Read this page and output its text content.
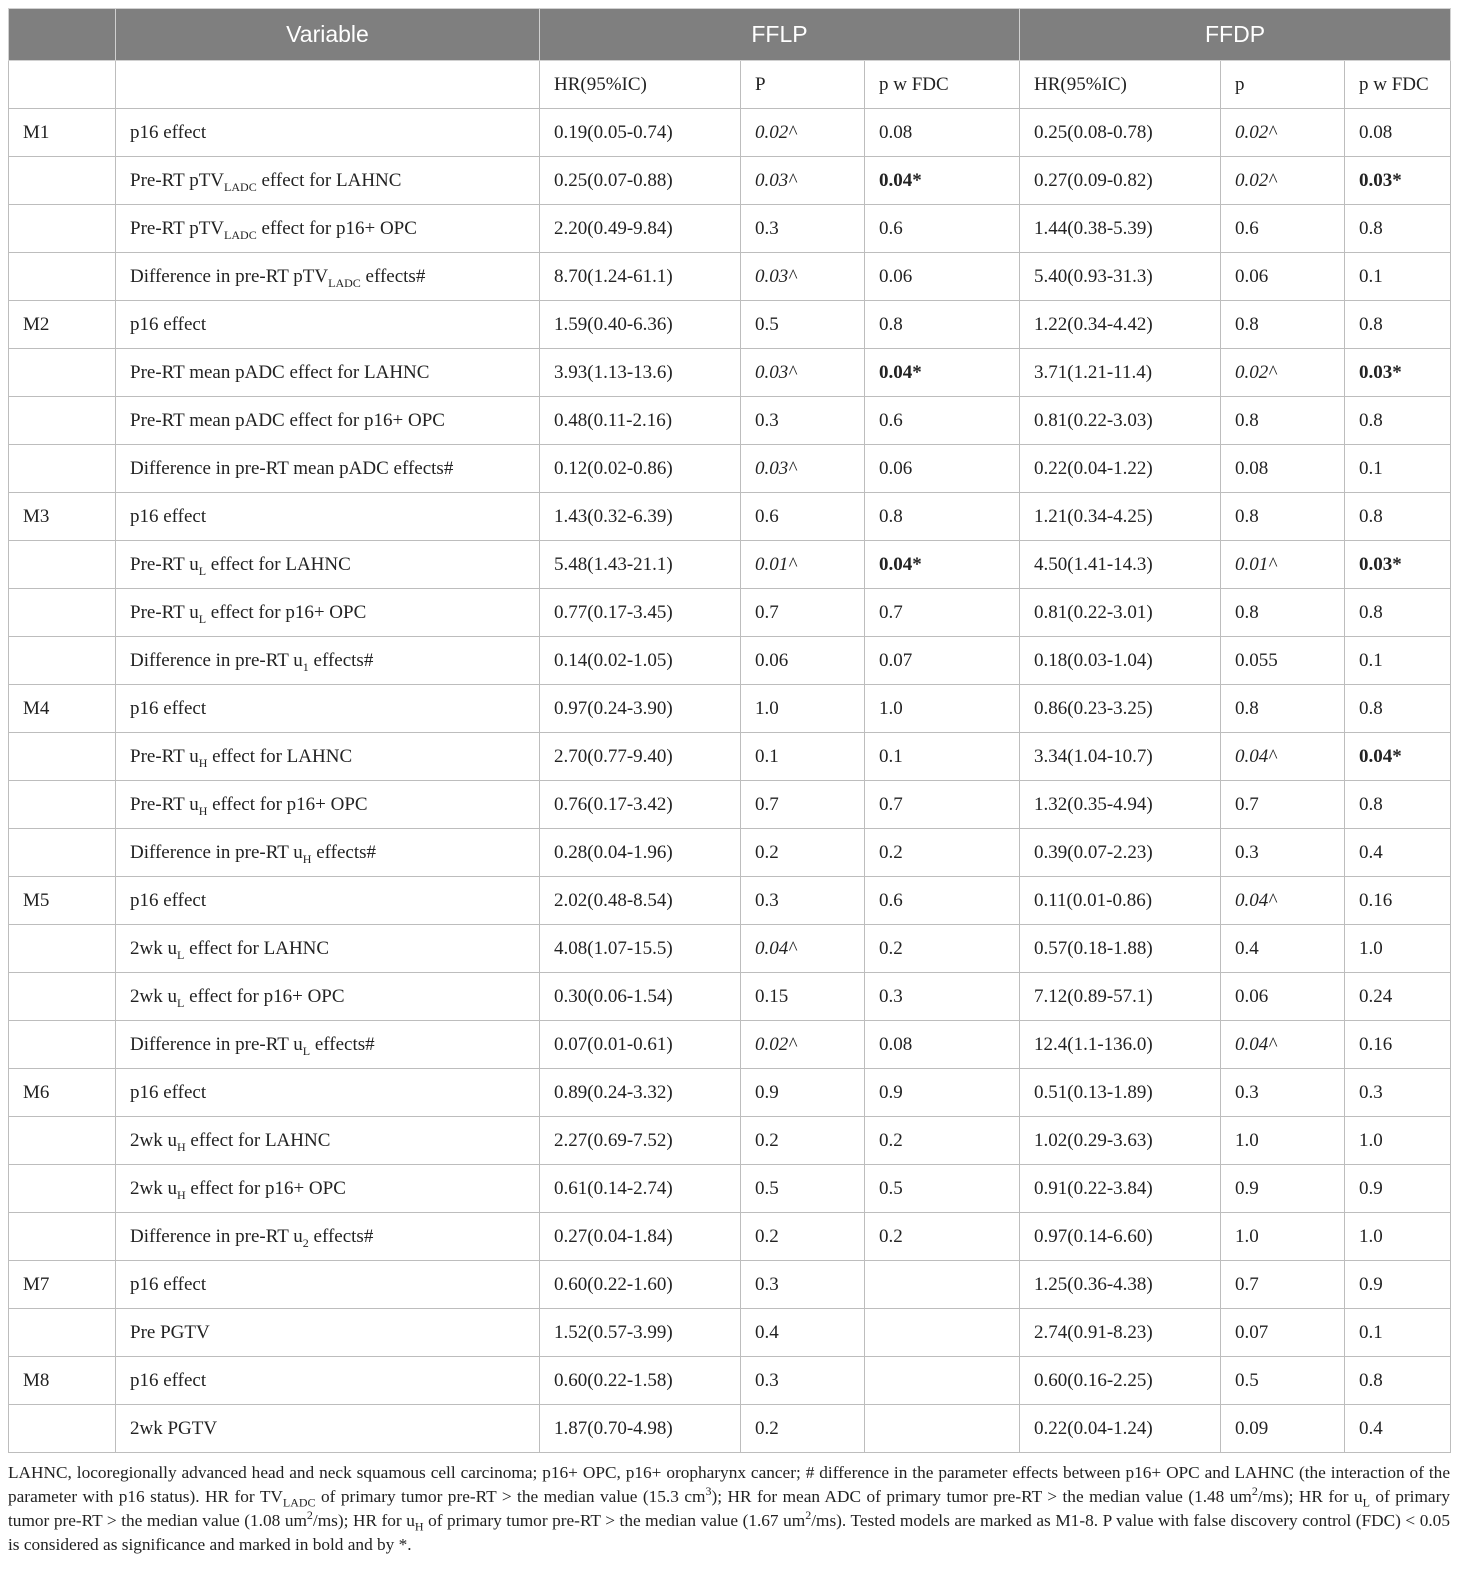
	Variable	FFLP			FFDP		
		HR(95%IC)	P	p w FDC	HR(95%IC)	p	p w FDC
M1	p16 effect	0.19(0.05-0.74)	0.02^	0.08	0.25(0.08-0.78)	0.02^	0.08
	Pre-RT pTV$_{LADC}$ effect for LAHNC	0.25(0.07-0.88)	0.03^	0.04*	0.27(0.09-0.82)	0.02^	0.03*
	Pre-RT pTV$_{LADC}$ effect for p16+ OPC	2.20(0.49-9.84)	0.3	0.6	1.44(0.38-5.39)	0.6	0.8
	Difference in pre-RT pTV$_{LADC}$ effects#	8.70(1.24-61.1)	0.03^	0.06	5.40(0.93-31.3)	0.06	0.1
M2	p16 effect	1.59(0.40-6.36)	0.5	0.8	1.22(0.34-4.42)	0.8	0.8
	Pre-RT mean pADC effect for LAHNC	3.93(1.13-13.6)	0.03^	0.04*	3.71(1.21-11.4)	0.02^	0.03*
	Pre-RT mean pADC effect for p16+ OPC	0.48(0.11-2.16)	0.3	0.6	0.81(0.22-3.03)	0.8	0.8
	Difference in pre-RT mean pADC effects#	0.12(0.02-0.86)	0.03^	0.06	0.22(0.04-1.22)	0.08	0.1
M3	p16 effect	1.43(0.32-6.39)	0.6	0.8	1.21(0.34-4.25)	0.8	0.8
	Pre-RT $u_L$ effect for LAHNC	5.48(1.43-21.1)	0.01^	0.04*	4.50(1.41-14.3)	0.01^	0.03*
	Pre-RT $u_L$ effect for p16+ OPC	0.77(0.17-3.45)	0.7	0.7	0.81(0.22-3.01)	0.8	0.8
	Difference in pre-RT $u_1$ effects#	0.14(0.02-1.05)	0.06	0.07	0.18(0.03-1.04)	0.055	0.1
M4	p16 effect	0.97(0.24-3.90)	1.0	1.0	0.86(0.23-3.25)	0.8	0.8
	Pre-RT $u_H$ effect for LAHNC	2.70(0.77-9.40)	0.1	0.1	3.34(1.04-10.7)	0.04^	0.04*
	Pre-RT $u_H$ effect for p16+ OPC	0.76(0.17-3.42)	0.7	0.7	1.32(0.35-4.94)	0.7	0.8
	Difference in pre-RT $u_H$ effects#	0.28(0.04-1.96)	0.2	0.2	0.39(0.07-2.23)	0.3	0.4
M5	p16 effect	2.02(0.48-8.54)	0.3	0.6	0.11(0.01-0.86)	0.04^	0.16
	2wk $u_L$ effect for LAHNC	4.08(1.07-15.5)	0.04^	0.2	0.57(0.18-1.88)	0.4	1.0
	2wk $u_L$ effect for p16+ OPC	0.30(0.06-1.54)	0.15	0.3	7.12(0.89-57.1)	0.06	0.24
	Difference in pre-RT $u_L$ effects#	0.07(0.01-0.61)	0.02^	0.08	12.4(1.1-136.0)	0.04^	0.16
M6	p16 effect	0.89(0.24-3.32)	0.9	0.9	0.51(0.13-1.89)	0.3	0.3
	2wk $u_H$ effect for LAHNC	2.27(0.69-7.52)	0.2	0.2	1.02(0.29-3.63)	1.0	1.0
	2wk $u_H$ effect for p16+ OPC	0.61(0.14-2.74)	0.5	0.5	0.91(0.22-3.84)	0.9	0.9
	Difference in pre-RT $u_2$ effects#	0.27(0.04-1.84)	0.2	0.2	0.97(0.14-6.60)	1.0	1.0
M7	p16 effect	0.60(0.22-1.60)	0.3		1.25(0.36-4.38)	0.7	0.9
	Pre PGTV	1.52(0.57-3.99)	0.4		2.74(0.91-8.23)	0.07	0.1
M8	p16 effect	0.60(0.22-1.58)	0.3		0.60(0.16-2.25)	0.5	0.8
	2wk PGTV	1.87(0.70-4.98)	0.2		0.22(0.04-1.24)	0.09	0.4
LAHNC, locoregionally advanced head and neck squamous cell carcinoma; p16+ OPC, p16+ oropharynx cancer; # difference in the parameter effects between p16+ OPC and LAHNC (the interaction of the parameter with p16 status). HR for $TV_{LADC}$ of primary tumor pre-RT > the median value (15.3 $cm^3$); HR for mean ADC of primary tumor pre-RT > the median value (1.48 $um^2/ms$); HR for $u_L$ of primary tumor pre-RT > the median value (1.08 $um^2/ms$); HR for $u_H$ of primary tumor pre-RT > the median value (1.67 $um^2/ms$). Tested models are marked as M1-8. P value with false discovery control (FDC) < 0.05 is considered as significance and marked in bold and by *.
